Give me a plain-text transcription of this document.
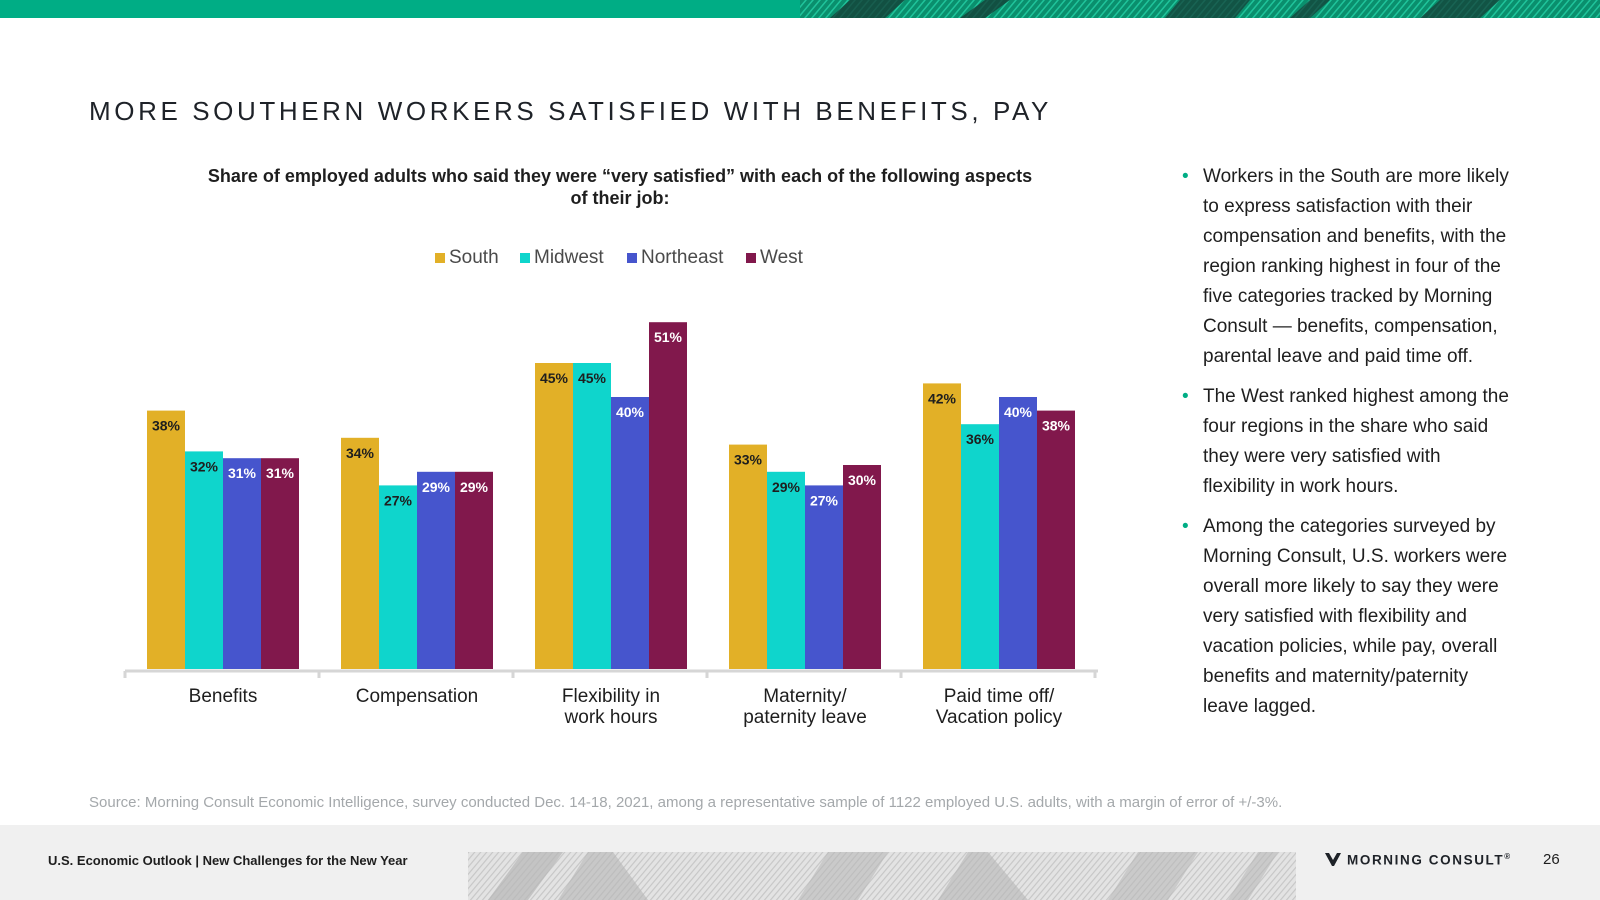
MORE SOUTHERN WORKERS SATISFIED WITH BENEFITS, PAY
Share of employed adults who said they were “very satisfied” with each of the following aspects of their job:
South Midwest Northeast West
38%
32% 31% 31%
34%
27%
29% 29%
45% 45%
40%
51%
33%
29%
27%
30%
42%
36%
40%
38%
Benefits	Compensation	Flexibility in
work hours
Maternity/
paternity leave
Paid time off/
Vacation policy
• Workers in the South are more likely to express satisfaction with their compensation and benefits, with the region ranking highest in four of the five categories tracked by Morning Consult — benefits, compensation, parental leave and paid time off.
• The West ranked highest among the four regions in the share who said they were very satisfied with flexibility in work hours.
• Among the categories surveyed by Morning Consult, U.S. workers were overall more likely to say they were very satisfied with flexibility and vacation policies, while pay, overall benefits and maternity/paternity leave lagged.
Source: Morning Consult Economic Intelligence, survey conducted Dec. 14-18, 2021, among a representative sample of 1122 employed U.S. adults, with a margin of error of +/-3%.
U.S. Economic Outlook | New Challenges for the New Year	MORNING CONSULT® 26
